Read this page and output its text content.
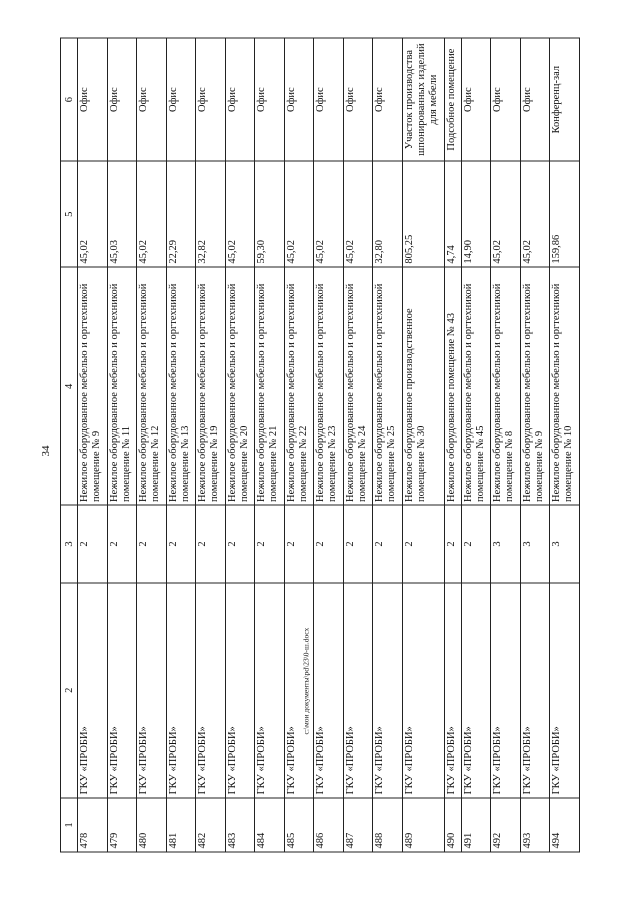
34
1	2	3	4	5	6
478	ГКУ «ПРОБИ»	2	Нежилое оборудованное мебелью и оргтехникой помещение № 9	45,02	Офис
479	ГКУ «ПРОБИ»	2	Нежилое оборудованное мебелью и оргтехникой помещение № 11	45,03	Офис
480	ГКУ «ПРОБИ»	2	Нежилое оборудованное мебелью и оргтехникой помещение № 12	45,02	Офис
481	ГКУ «ПРОБИ»	2	Нежилое оборудованное мебелью и оргтехникой помещение № 13	22,29	Офис
482	ГКУ «ПРОБИ»	2	Нежилое оборудованное мебелью и оргтехникой помещение № 19	32,82	Офис
483	ГКУ «ПРОБИ»	2	Нежилое оборудованное мебелью и оргтехникой помещение № 20	45,02	Офис
484	ГКУ «ПРОБИ»	2	Нежилое оборудованное мебелью и оргтехникой помещение № 21	59,30	Офис
485	ГКУ «ПРОБИ»	2	Нежилое оборудованное мебелью и оргтехникой помещение № 22	45,02	Офис
486	ГКУ «ПРОБИ»	2	Нежилое оборудованное мебелью и оргтехникой помещение № 23	45,02	Офис
487	ГКУ «ПРОБИ»	2	Нежилое оборудованное мебелью и оргтехникой помещение № 24	45,02	Офис
488	ГКУ «ПРОБИ»	2	Нежилое оборудованное мебелью и оргтехникой помещение № 25	32,80	Офис
489	ГКУ «ПРОБИ»	2	Нежилое оборудованное производственное помещение № 30	805,25	Участок производства шпонированных изделий для мебели
490	ГКУ «ПРОБИ»	2	Нежилое оборудованное помещение № 43	4,74	Подсобное помещение
491	ГКУ «ПРОБИ»	2	Нежилое оборудованное мебелью и оргтехникой помещение № 45	14,90	Офис
492	ГКУ «ПРОБИ»	3	Нежилое оборудованное мебелью и оргтехникой помещение № 8	45,02	Офис
493	ГКУ «ПРОБИ»	3	Нежилое оборудованное мебелью и оргтехникой помещение № 9	45,02	Офис
494	ГКУ «ПРОБИ»	3	Нежилое оборудованное мебелью и оргтехникой помещение № 10	159,86	Конференц-зал
c:\мои документы\pd\23\0-ш.docx
